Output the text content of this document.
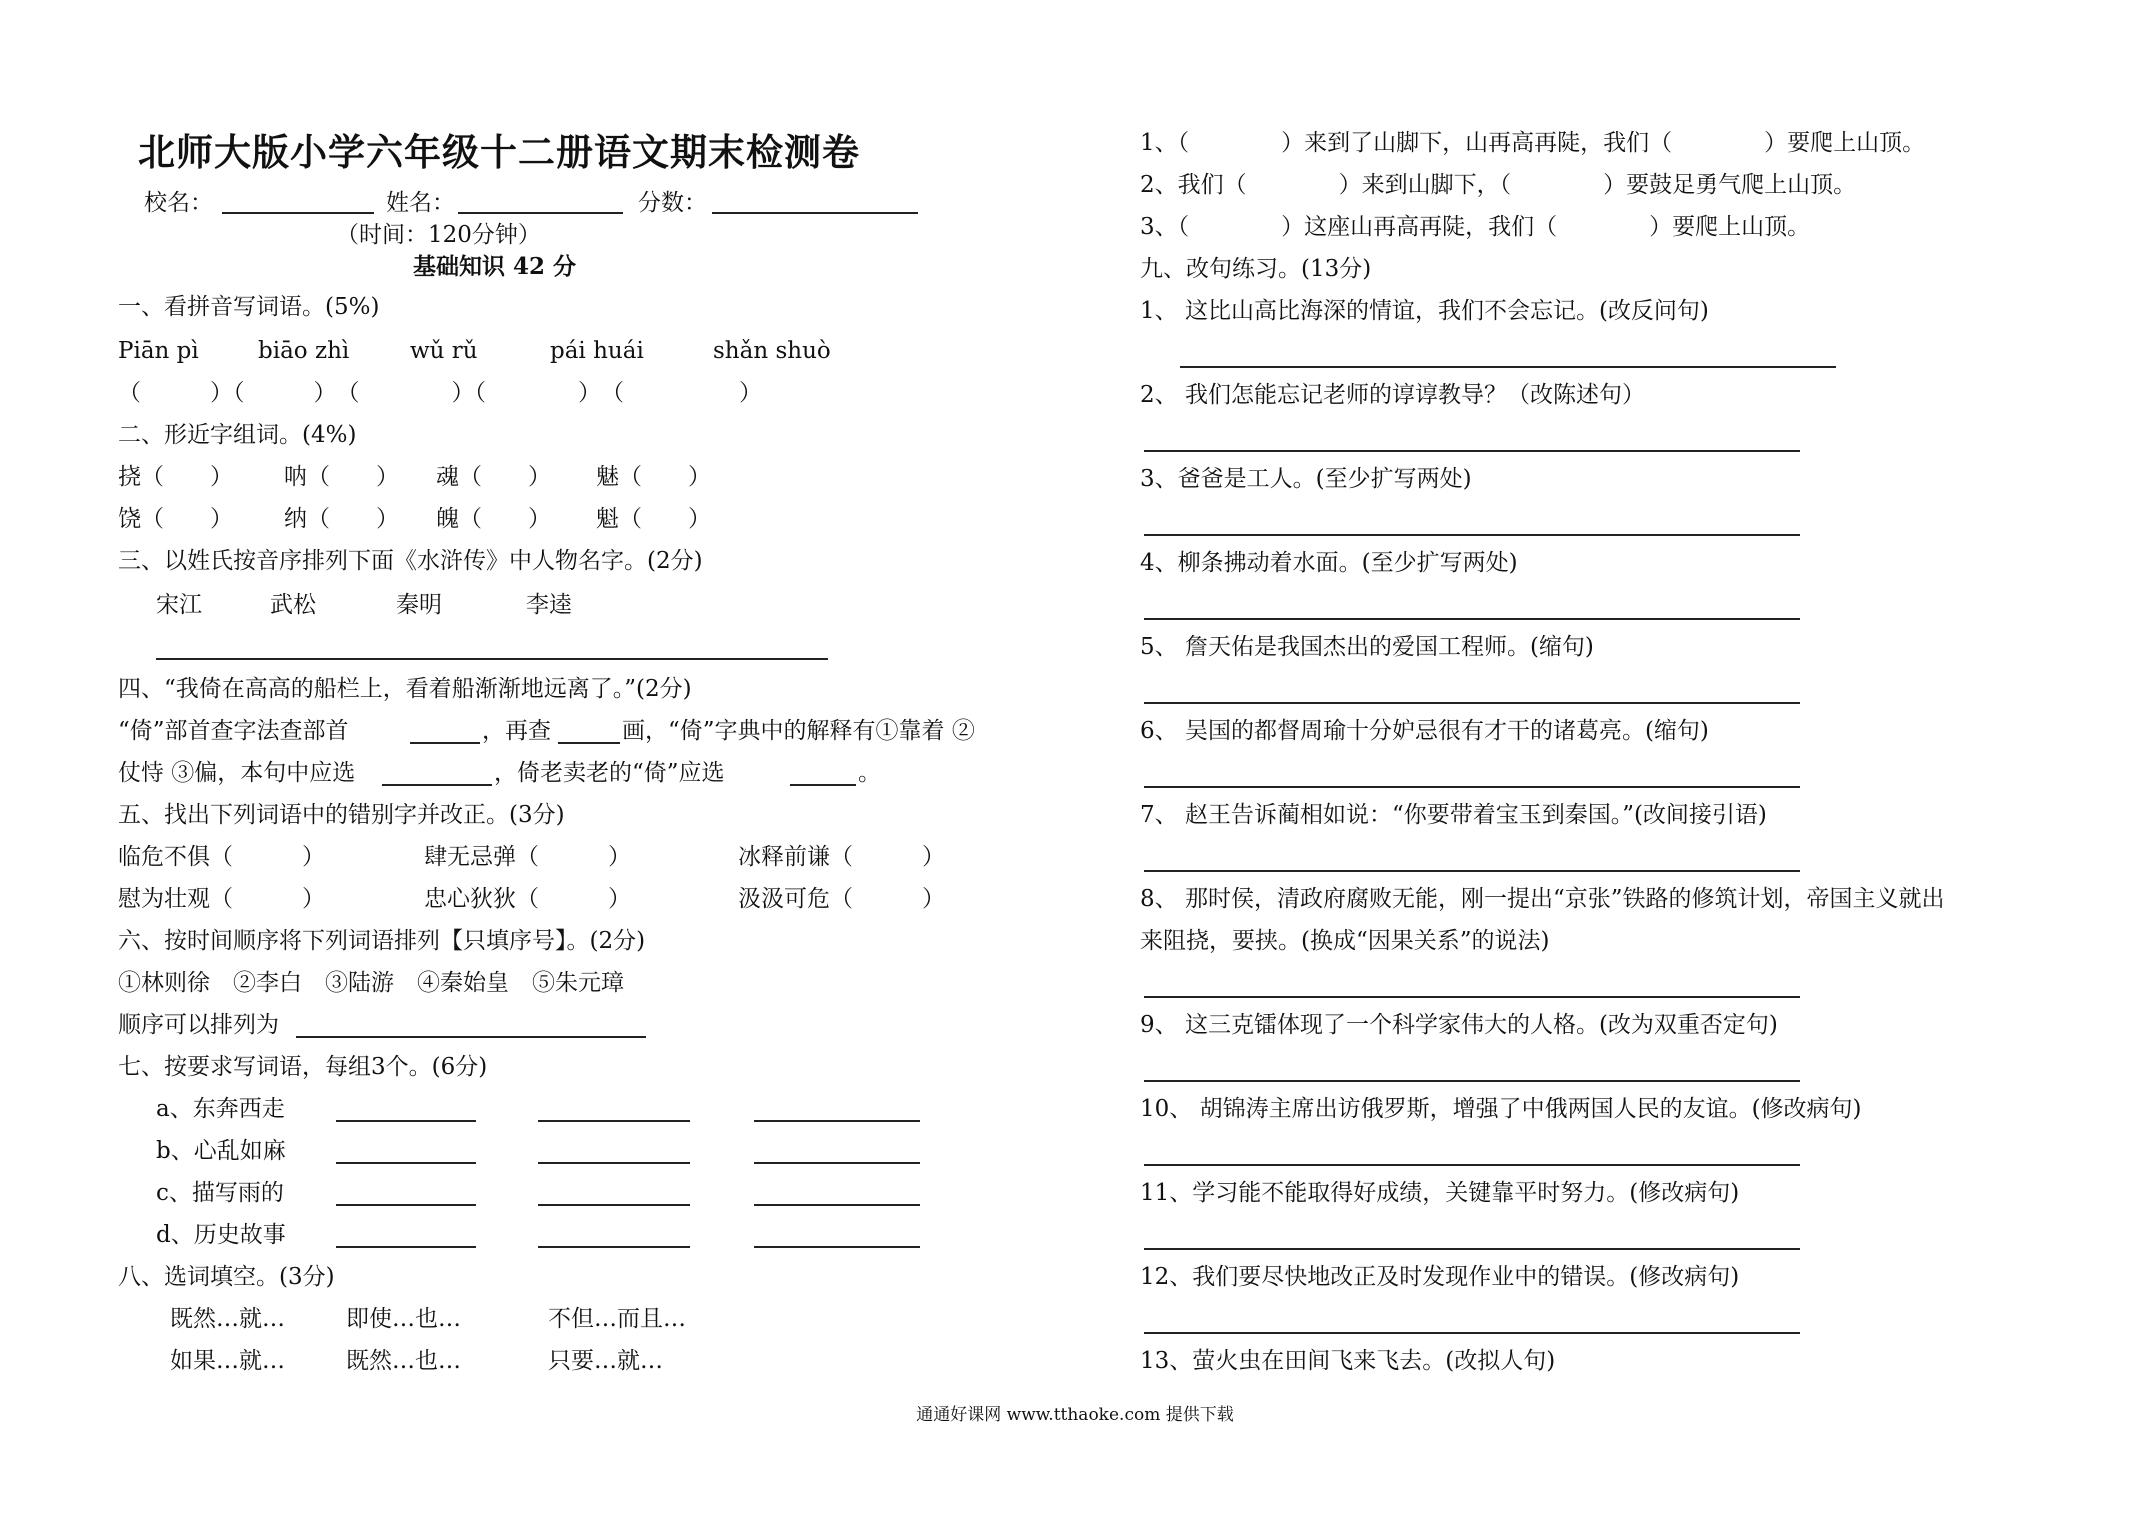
北师大版小学六年级十二册语文期末检测卷
校名：	姓名：	分数：
（时间：120分钟）
基础知识 42 分
一、看拼音写词语。(5%)
Piān pì	biāo zhì	wǔ rǔ	pái huái	shǎn shuò
（　　　）（　　　）　（　　　　）（　　　　）　（　　　　　）
二、形近字组词。(4%)
挠（　　） 呐（　　） 魂（　　） 魅（　　）
饶（　　） 纳（　　） 魄（　　） 魁（　　）
三、以姓氏按音序排列下面《水浒传》中人物名字。(2分)
宋江	武松	秦明	李逵
四、“我倚在高高的船栏上，看着船渐渐地远离了。”(2分)
“倚”部首查字法查部首	，再查	画，“倚”字典中的解释有①靠着 ②
仗恃 ③偏，本句中应选	，倚老卖老的“倚”应选	。
五、找出下列词语中的错别字并改正。(3分)
临危不俱（　　　）	肆无忌弹（　　　）	冰释前谦（　　　）
慰为壮观（　　　）	忠心狄狄（　　　）	汲汲可危（　　　）
六、按时间顺序将下列词语排列【只填序号】。(2分)
①林则徐　②李白　③陆游　④秦始皇　⑤朱元璋
顺序可以排列为
七、按要求写词语，每组3个。(6分)
a、东奔西走
b、心乱如麻
c、描写雨的
d、历史故事
八、选词填空。(3分)
既然…就…	即使…也…	不但…而且…
如果…就…	既然…也…	只要…就…
1、（　　　　）来到了山脚下，山再高再陡，我们（　　　　）要爬上山顶。
2、我们（　　　　）来到山脚下，（　　　　）要鼓足勇气爬上山顶。
3、（　　　　）这座山再高再陡，我们（　　　　）要爬上山顶。
九、改句练习。(13分)
1、 这比山高比海深的情谊，我们不会忘记。(改反问句)
2、 我们怎能忘记老师的谆谆教导？（改陈述句）
3、爸爸是工人。(至少扩写两处)
4、柳条拂动着水面。(至少扩写两处)
5、 詹天佑是我国杰出的爱国工程师。(缩句)
6、 吴国的都督周瑜十分妒忌很有才干的诸葛亮。(缩句)
7、 赵王告诉蔺相如说：“你要带着宝玉到秦国。”(改间接引语)
8、 那时侯，清政府腐败无能，刚一提出“京张”铁路的修筑计划，帝国主义就出
来阻挠，要挟。(换成“因果关系”的说法)
9、 这三克镭体现了一个科学家伟大的人格。(改为双重否定句)
10、 胡锦涛主席出访俄罗斯，增强了中俄两国人民的友谊。(修改病句)
11、学习能不能取得好成绩，关键靠平时努力。(修改病句)
12、我们要尽快地改正及时发现作业中的错误。(修改病句)
13、萤火虫在田间飞来飞去。(改拟人句)
通通好课网 www.tthaoke.com 提供下载
